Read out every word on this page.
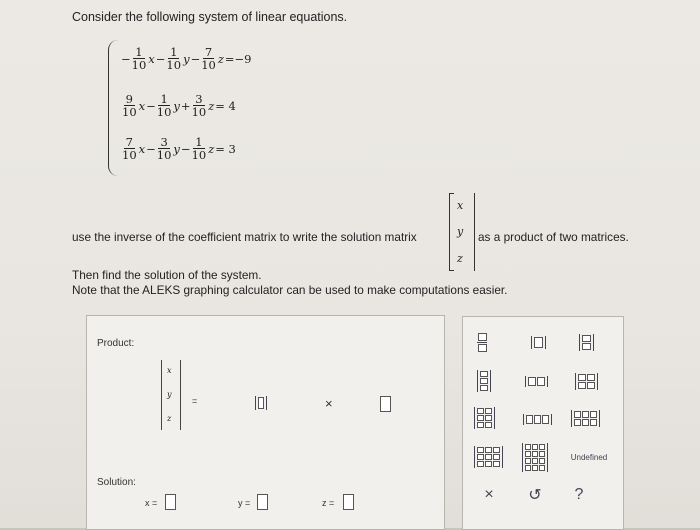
Consider the following system of linear equations.
− $\frac{1}{10}$ $x - \frac{1}{10}$ $y - \frac{7}{10}$ z =−9
$\frac{9}{10}$ $x - \frac{1}{10}$ $y + \frac{3}{10}$ z = 4
$\frac{7}{10}$ $x - \frac{3}{10}$ $y - \frac{1}{10}$ z = 3
use the inverse of the coefficient matrix to write the solution matrix
x
y
z
as a product of two matrices.
Then find the solution of the system.
Note that the ALEKS graphing calculator can be used to make computations easier.
Product:
x
y
z
=	×
Solution:
x =	y =	z =
Undefined
×	↺	?
